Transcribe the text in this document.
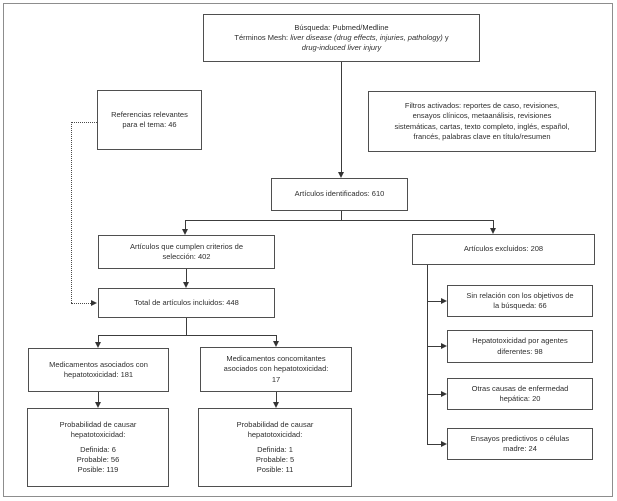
Búsqueda: Pubmed/Medline
Términos Mesh: liver disease (drug effects, injuries, pathology) y
drug-induced liver injury
Referencias relevantes
para el tema: 46
Filtros activados: reportes de caso, revisiones,
ensayos clínicos, metaanálisis, revisiones
sistemáticas, cartas, texto completo, inglés, español,
francés, palabras clave en título/resumen
Artículos identificados: 610
Artículos que cumplen criterios de
selección: 402
Artículos excluidos: 208
Total de artículos incluidos: 448
Medicamentos asociados con
hepatotoxicidad: 181
Medicamentos concomitantes
asociados con hepatotoxicidad:
17
Probabilidad de causar
hepatotoxicidad:
Definida: 6
Probable: 56
Posible: 119
Probabilidad de causar
hepatotoxicidad:
Definida: 1
Probable: 5
Posible: 11
Sin relación con los objetivos de
la búsqueda: 66
Hepatotoxicidad por agentes
diferentes: 98
Otras causas de enfermedad
hepática: 20
Ensayos predictivos o células
madre: 24
